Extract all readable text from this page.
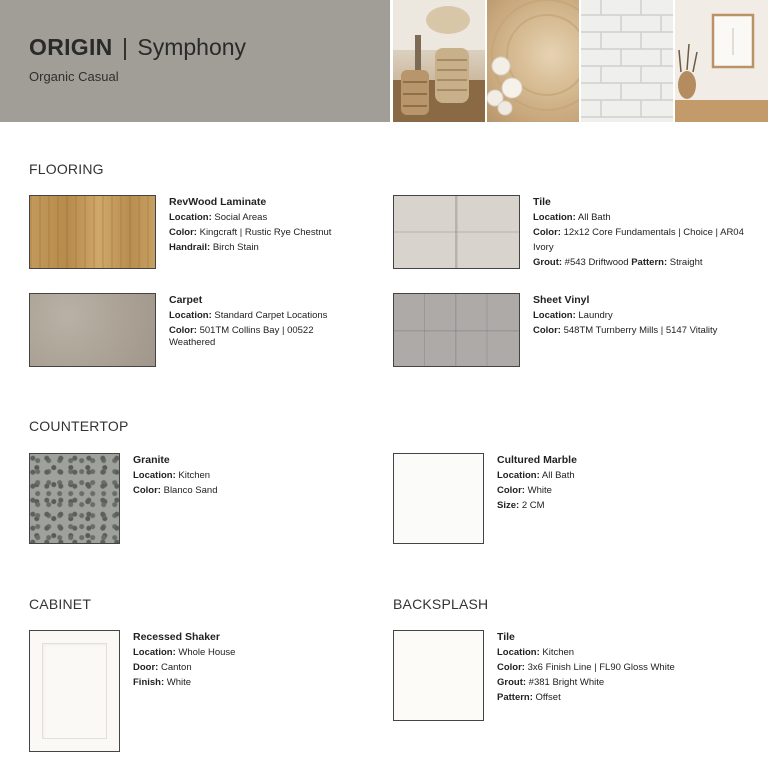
ORIGIN | Symphony
Organic Casual
FLOORING
RevWood Laminate
Location: Social Areas
Color: Kingcraft | Rustic Rye Chestnut
Handrail: Birch Stain
Tile
Location: All Bath
Color: 12x12 Core Fundamentals | Choice | AR04 Ivory
Grout: #543 Driftwood Pattern: Straight
Carpet
Location: Standard Carpet Locations
Color: 501TM Collins Bay | 00522 Weathered
Sheet Vinyl
Location: Laundry
Color: 548TM Turnberry Mills | 5147 Vitality
COUNTERTOP
Granite
Location: Kitchen
Color: Blanco Sand
Cultured Marble
Location: All Bath
Color: White
Size: 2 CM
CABINET
Recessed Shaker
Location: Whole House
Door: Canton
Finish: White
BACKSPLASH
Tile
Location: Kitchen
Color: 3x6 Finish Line | FL90 Gloss White
Grout: #381 Bright White
Pattern: Offset
